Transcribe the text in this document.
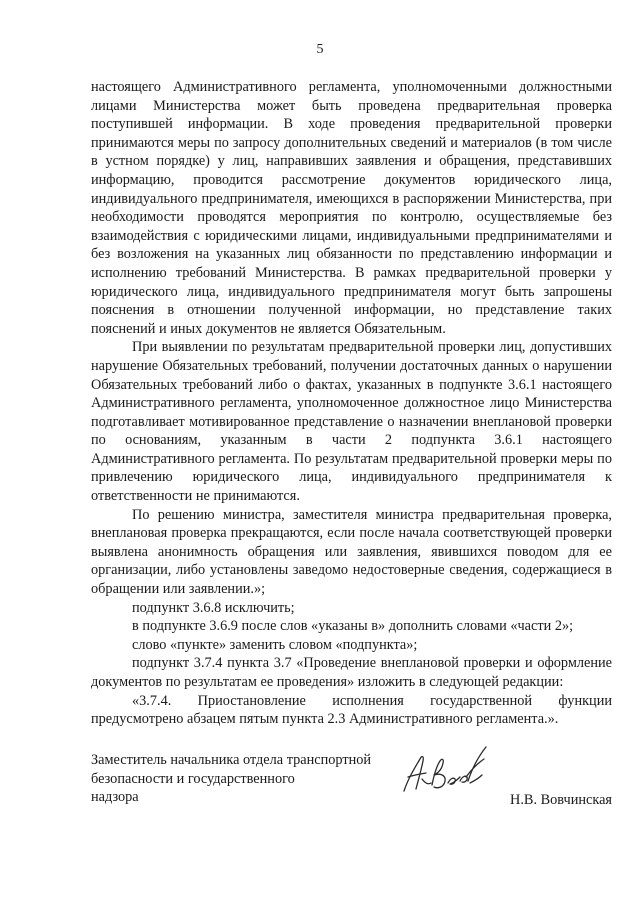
5

настоящего Административного регламента, уполномоченными должностными лицами Министерства может быть проведена предварительная проверка поступившей информации. В ходе проведения предварительной проверки принимаются меры по запросу дополнительных сведений и материалов (в том числе в устном порядке) у лиц, направивших заявления и обращения, представивших информацию, проводится рассмотрение документов юридического лица, индивидуального предпринимателя, имеющихся в распоряжении Министерства, при необходимости проводятся мероприятия по контролю, осуществляемые без взаимодействия с юридическими лицами, индивидуальными предпринимателями и без возложения на указанных лиц обязанности по представлению информации и исполнению требований Министерства. В рамках предварительной проверки у юридического лица, индивидуального предпринимателя могут быть запрошены пояснения в отношении полученной информации, но представление таких пояснений и иных документов не является Обязательным.

При выявлении по результатам предварительной проверки лиц, допустивших нарушение Обязательных требований, получении достаточных данных о нарушении Обязательных требований либо о фактах, указанных в подпункте 3.6.1 настоящего Административного регламента, уполномоченное должностное лицо Министерства подготавливает мотивированное представление о назначении внеплановой проверки по основаниям, указанным в части 2 подпункта 3.6.1 настоящего Административного регламента. По результатам предварительной проверки меры по привлечению юридического лица, индивидуального предпринимателя к ответственности не принимаются.

По решению министра, заместителя министра предварительная проверка, внеплановая проверка прекращаются, если после начала соответствующей проверки выявлена анонимность обращения или заявления, явившихся поводом для ее организации, либо установлены заведомо недостоверные сведения, содержащиеся в обращении или заявлении.»;

подпункт 3.6.8 исключить;

в подпункте 3.6.9 после слов «указаны в» дополнить словами «части 2»;

слово «пункте» заменить словом «подпункта»;

подпункт 3.7.4 пункта 3.7 «Проведение внеплановой проверки и оформление документов по результатам ее проведения» изложить в следующей редакции:

«3.7.4. Приостановление исполнения государственной функции предусмотрено абзацем пятым пункта 2.3 Административного регламента.».

Заместитель начальника отдела транспортной
безопасности и государственного
надзора	Н.В. Вовчинская
